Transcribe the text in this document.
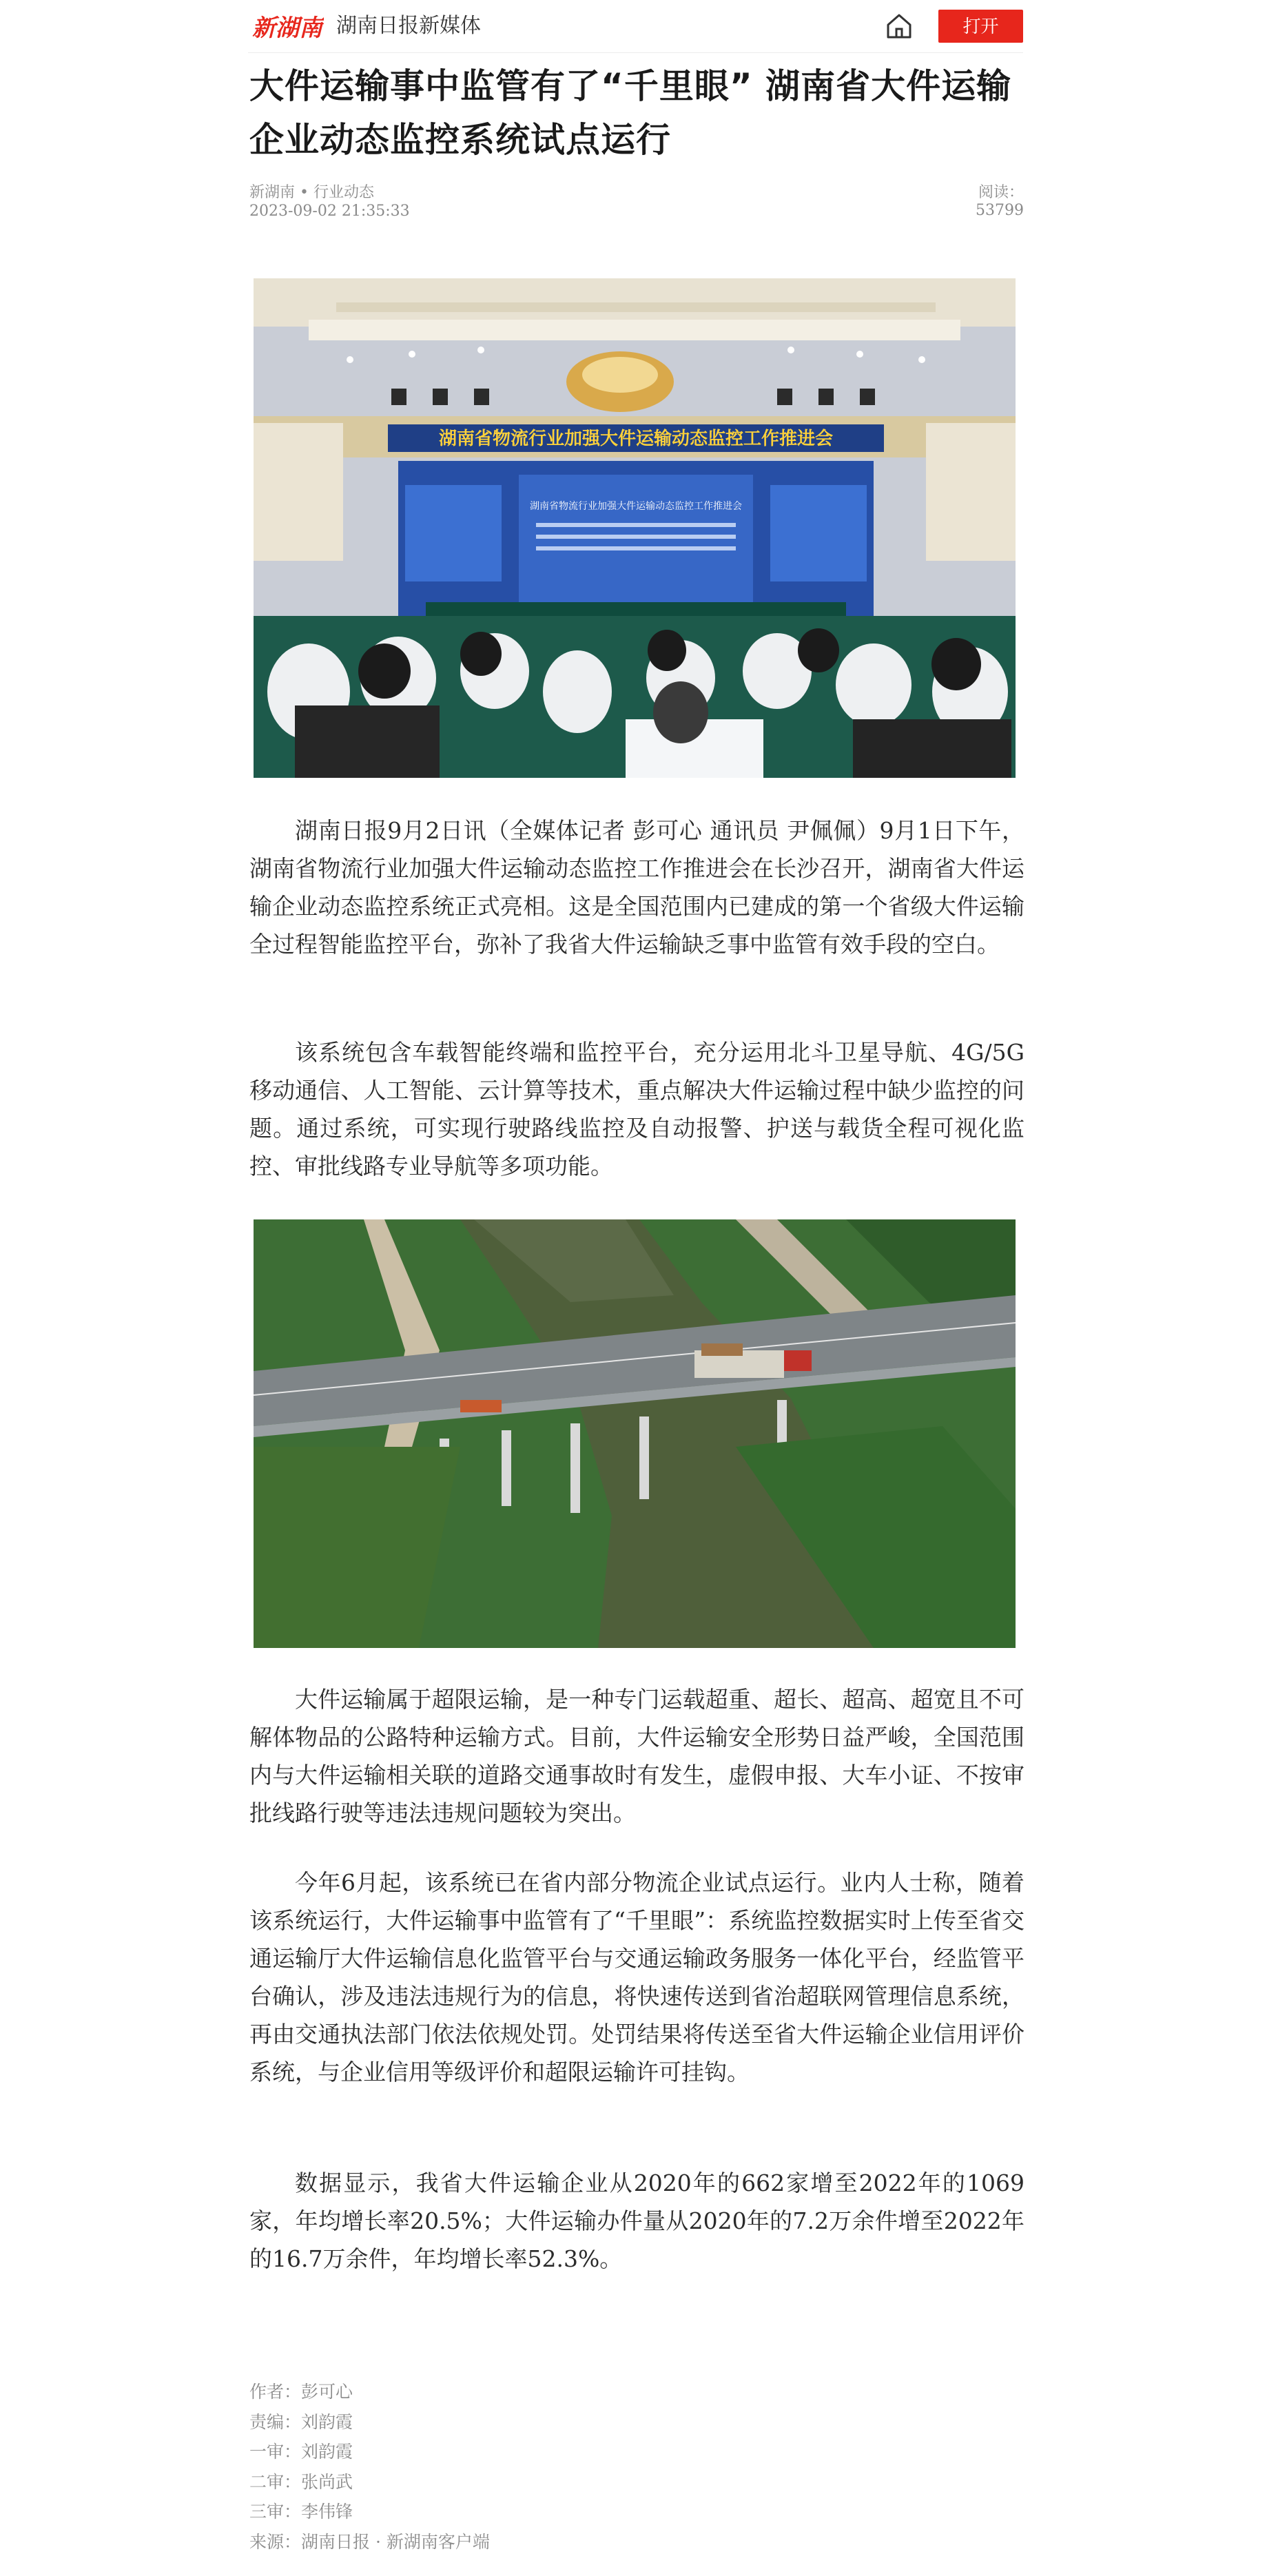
新湖南 湖南日报新媒体	打开
大件运输事中监管有了“千里眼” 湖南省大件运输企业动态监控系统试点运行
新湖南 • 行业动态
2023-09-02 21:35:33
阅读：53799
湖南省物流行业加强大件运输动态监控工作推进会
湖南省物流行业加强大件运输动态监控工作推进会

湖南日报9月2日讯（全媒体记者 彭可心 通讯员 尹佩佩）9月1日下午，湖南省物流行业加强大件运输动态监控工作推进会在长沙召开，湖南省大件运输企业动态监控系统正式亮相。这是全国范围内已建成的第一个省级大件运输全过程智能监控平台，弥补了我省大件运输缺乏事中监管有效手段的空白。

该系统包含车载智能终端和监控平台，充分运用北斗卫星导航、4G/5G移动通信、人工智能、云计算等技术，重点解决大件运输过程中缺少监控的问题。通过系统，可实现行驶路线监控及自动报警、护送与载货全程可视化监控、审批线路专业导航等多项功能。

大件运输属于超限运输，是一种专门运载超重、超长、超高、超宽且不可解体物品的公路特种运输方式。目前，大件运输安全形势日益严峻，全国范围内与大件运输相关联的道路交通事故时有发生，虚假申报、大车小证、不按审批线路行驶等违法违规问题较为突出。

今年6月起，该系统已在省内部分物流企业试点运行。业内人士称，随着该系统运行，大件运输事中监管有了“千里眼”：系统监控数据实时上传至省交通运输厅大件运输信息化监管平台与交通运输政务服务一体化平台，经监管平台确认，涉及违法违规行为的信息，将快速传送到省治超联网管理信息系统，再由交通执法部门依法依规处罚。处罚结果将传送至省大件运输企业信用评价系统，与企业信用等级评价和超限运输许可挂钩。

数据显示，我省大件运输企业从2020年的662家增至2022年的1069家，年均增长率20.5%；大件运输办件量从2020年的7.2万余件增至2022年的16.7万余件，年均增长率52.3%。

作者：彭可心
责编：刘韵霞
一审：刘韵霞
二审：张尚武
三审：李伟锋
来源：湖南日报 · 新湖南客户端
